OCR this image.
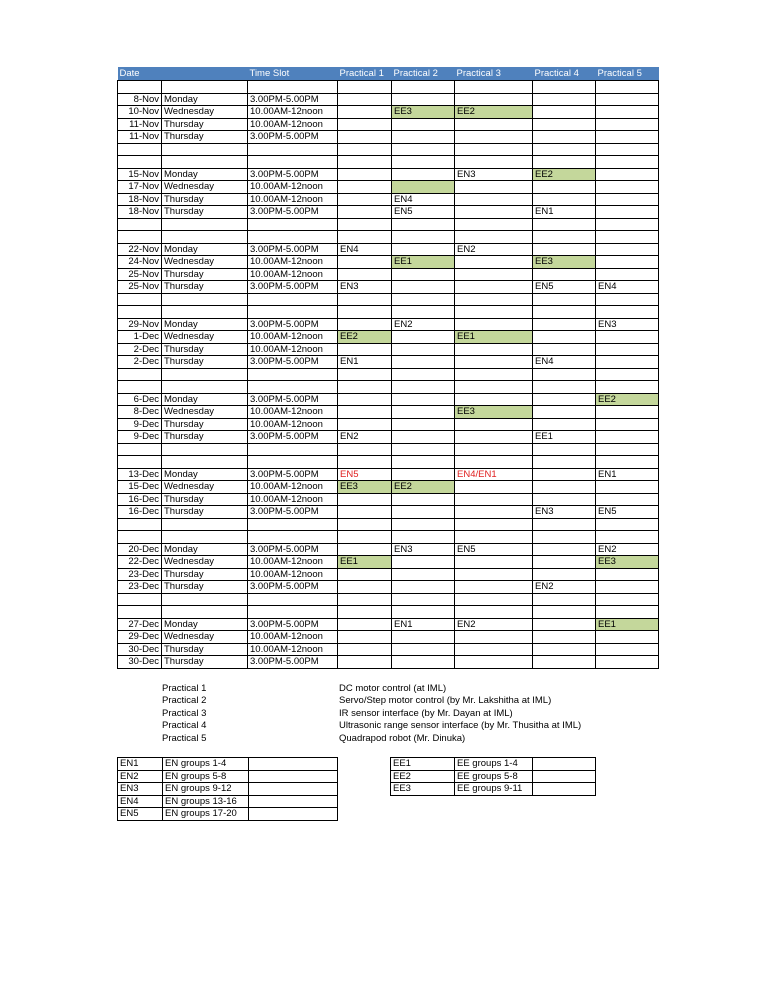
Date		Time Slot	Practical 1	Practical 2	Practical 3	Practical 4	Practical 5

8-Nov	Monday	3.00PM-5.00PM					
10-Nov	Wednesday	10.00AM-12noon		EE3	EE2		
11-Nov	Thursday	10.00AM-12noon					
11-Nov	Thursday	3.00PM-5.00PM					

15-Nov	Monday	3.00PM-5.00PM			EN3	EE2	
17-Nov	Wednesday	10.00AM-12noon					
18-Nov	Thursday	10.00AM-12noon		EN4			
18-Nov	Thursday	3.00PM-5.00PM		EN5		EN1	

22-Nov	Monday	3.00PM-5.00PM	EN4		EN2		
24-Nov	Wednesday	10.00AM-12noon		EE1		EE3	
25-Nov	Thursday	10.00AM-12noon					
25-Nov	Thursday	3.00PM-5.00PM	EN3			EN5	EN4

29-Nov	Monday	3.00PM-5.00PM		EN2			EN3
1-Dec	Wednesday	10.00AM-12noon	EE2		EE1		
2-Dec	Thursday	10.00AM-12noon					
2-Dec	Thursday	3.00PM-5.00PM	EN1			EN4	

6-Dec	Monday	3.00PM-5.00PM					EE2
8-Dec	Wednesday	10.00AM-12noon			EE3		
9-Dec	Thursday	10.00AM-12noon					
9-Dec	Thursday	3.00PM-5.00PM	EN2			EE1	

13-Dec	Monday	3.00PM-5.00PM	EN5		EN4/EN1		EN1
15-Dec	Wednesday	10.00AM-12noon	EE3	EE2			
16-Dec	Thursday	10.00AM-12noon					
16-Dec	Thursday	3.00PM-5.00PM				EN3	EN5

20-Dec	Monday	3.00PM-5.00PM		EN3	EN5		EN2
22-Dec	Wednesday	10.00AM-12noon	EE1				EE3
23-Dec	Thursday	10.00AM-12noon					
23-Dec	Thursday	3.00PM-5.00PM				EN2	

27-Dec	Monday	3.00PM-5.00PM		EN1	EN2		EE1
29-Dec	Wednesday	10.00AM-12noon					
30-Dec	Thursday	10.00AM-12noon					
30-Dec	Thursday	3.00PM-5.00PM					
Practical 1	DC motor control (at IML)
Practical 2	Servo/Step motor control (by Mr. Lakshitha at IML)
Practical 3	IR sensor interface (by Mr. Dayan at IML)
Practical 4	Ultrasonic range sensor interface (by Mr. Thusitha at IML)
Practical 5	Quadrapod robot (Mr. Dinuka)
EN1	EN groups 1-4	
EN2	EN groups 5-8	
EN3	EN groups 9-12	
EN4	EN groups 13-16	
EN5	EN groups 17-20	
EE1	EE groups 1-4	
EE2	EE groups 5-8	
EE3	EE groups 9-11	
